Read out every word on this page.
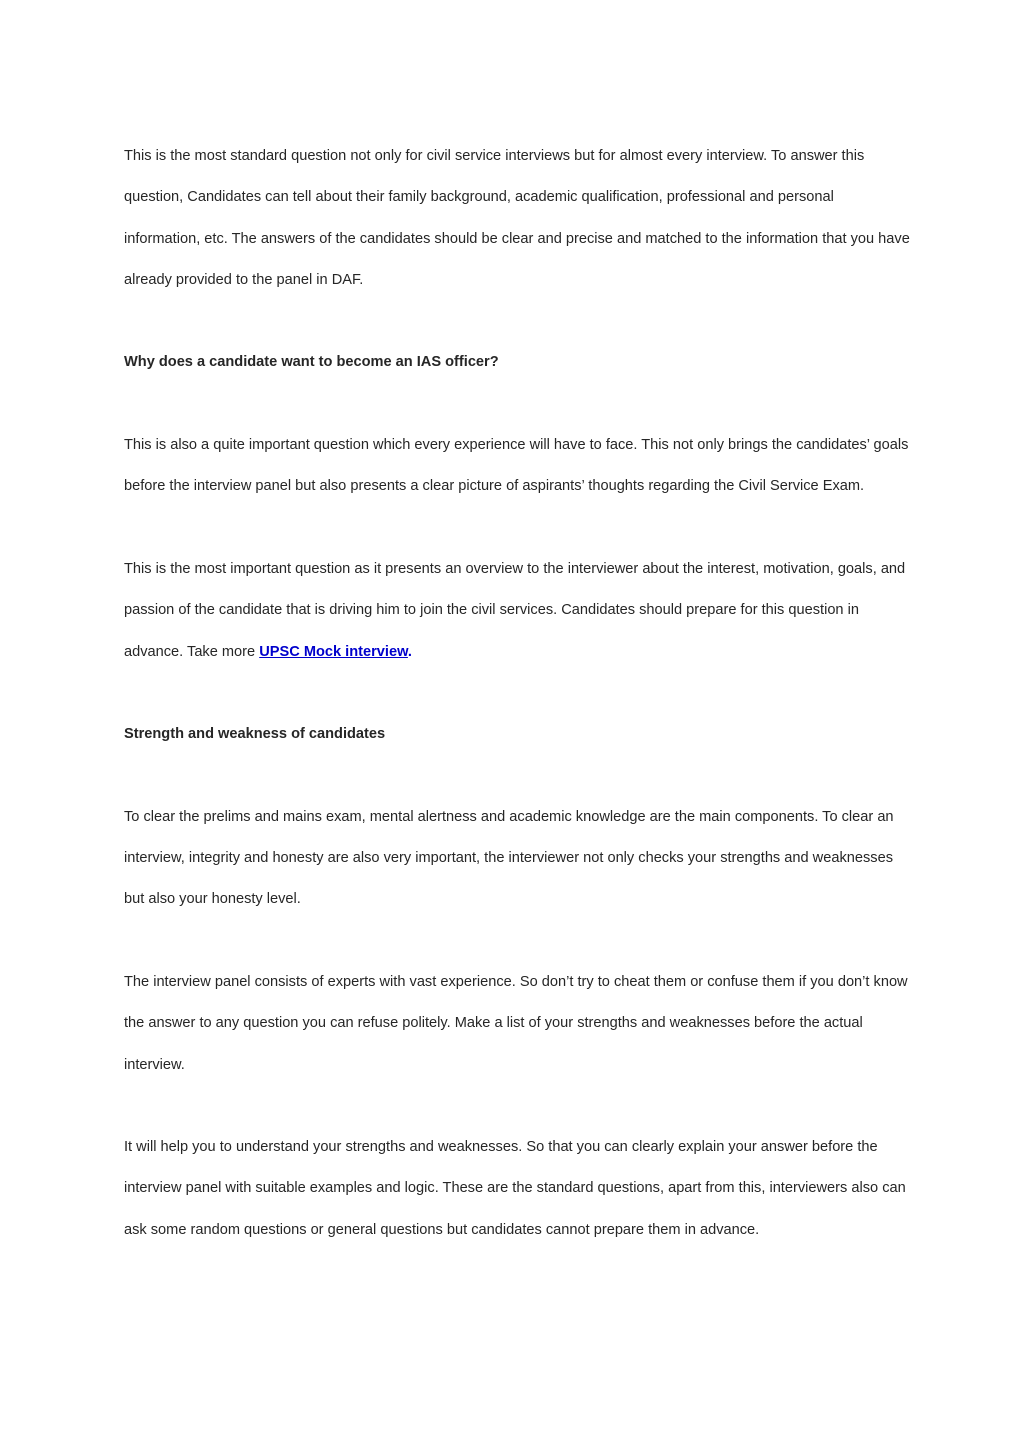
This is the most standard question not only for civil service interviews but for almost every interview. To answer this question, Candidates can tell about their family background, academic qualification, professional and personal information, etc. The answers of the candidates should be clear and precise and matched to the information that you have already provided to the panel in DAF.

Why does a candidate want to become an IAS officer?

This is also a quite important question which every experience will have to face. This not only brings the candidates’ goals before the interview panel but also presents a clear picture of aspirants’ thoughts regarding the Civil Service Exam.

This is the most important question as it presents an overview to the interviewer about the interest, motivation, goals, and passion of the candidate that is driving him to join the civil services. Candidates should prepare for this question in advance. Take more UPSC Mock interview.

Strength and weakness of candidates

To clear the prelims and mains exam, mental alertness and academic knowledge are the main components. To clear an interview, integrity and honesty are also very important, the interviewer not only checks your strengths and weaknesses but also your honesty level.

The interview panel consists of experts with vast experience. So don’t try to cheat them or confuse them if you don’t know the answer to any question you can refuse politely. Make a list of your strengths and weaknesses before the actual interview.

It will help you to understand your strengths and weaknesses. So that you can clearly explain your answer before the interview panel with suitable examples and logic. These are the standard questions, apart from this, interviewers also can ask some random questions or general questions but candidates cannot prepare them in advance.
